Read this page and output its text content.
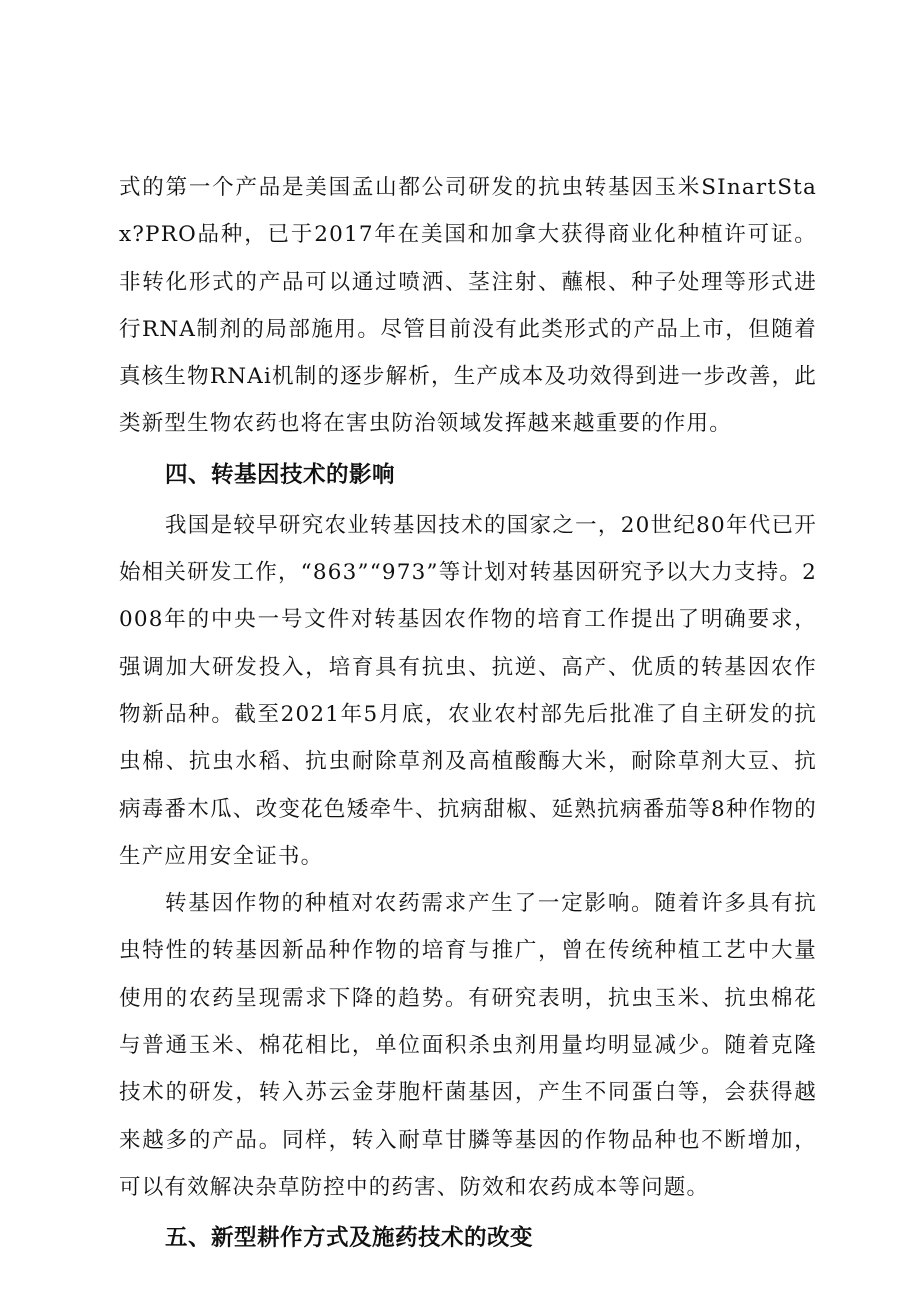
式的第一个产品是美国孟山都公司研发的抗虫转基因玉米SInartStax?PRO品种，已于2017年在美国和加拿大获得商业化种植许可证。非转化形式的产品可以通过喷洒、茎注射、蘸根、种子处理等形式进行RNA制剂的局部施用。尽管目前没有此类形式的产品上市，但随着真核生物RNAi机制的逐步解析，生产成本及功效得到进一步改善，此类新型生物农药也将在害虫防治领域发挥越来越重要的作用。

四、转基因技术的影响

我国是较早研究农业转基因技术的国家之一，20世纪80年代已开始相关研发工作，“863”“973”等计划对转基因研究予以大力支持。2008年的中央一号文件对转基因农作物的培育工作提出了明确要求，强调加大研发投入，培育具有抗虫、抗逆、高产、优质的转基因农作物新品种。截至2021年5月底，农业农村部先后批准了自主研发的抗虫棉、抗虫水稻、抗虫耐除草剂及高植酸酶大米，耐除草剂大豆、抗病毒番木瓜、改变花色矮牵牛、抗病甜椒、延熟抗病番茄等8种作物的生产应用安全证书。

转基因作物的种植对农药需求产生了一定影响。随着许多具有抗虫特性的转基因新品种作物的培育与推广，曾在传统种植工艺中大量使用的农药呈现需求下降的趋势。有研究表明，抗虫玉米、抗虫棉花与普通玉米、棉花相比，单位面积杀虫剂用量均明显减少。随着克隆技术的研发，转入苏云金芽胞杆菌基因，产生不同蛋白等，会获得越来越多的产品。同样，转入耐草甘膦等基因的作物品种也不断增加，可以有效解决杂草防控中的药害、防效和农药成本等问题。

五、新型耕作方式及施药技术的改变
